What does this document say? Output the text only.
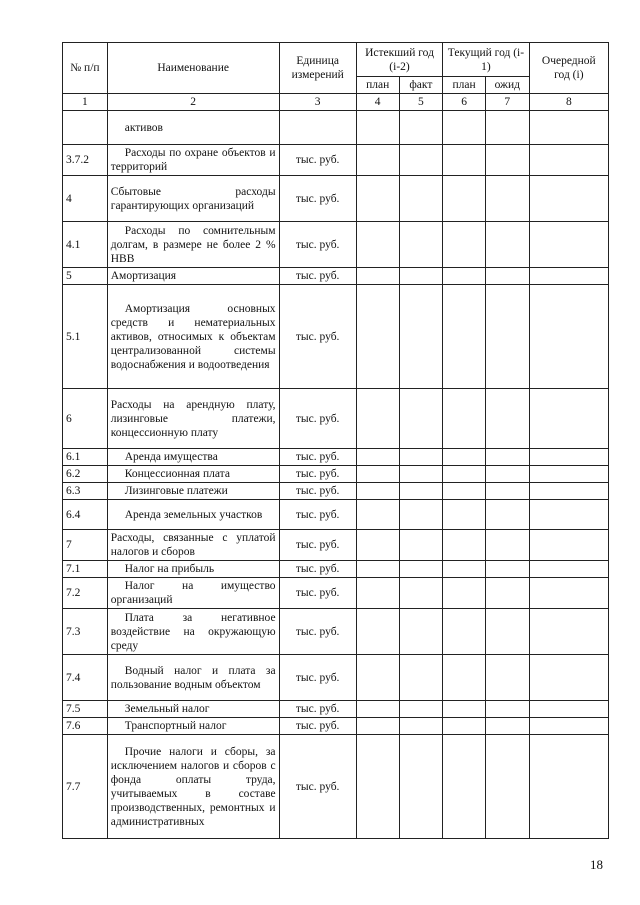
№ п/п	Наименование	Единица измерений	Истекший год (i-2)		Текущий год (i-1)		Очередной год (i)
			план	факт	план	ожид	
1	2	3	4	5	6	7	8
	активов						
3.7.2	Расходы по охране объектов и территорий	тыс. руб.					
4	Сбытовые расходы гарантирующих организаций	тыс. руб.					
4.1	Расходы по сомнительным долгам, в размере не более 2 % НВВ	тыс. руб.					
5	Амортизация	тыс. руб.					
5.1	Амортизация основных средств и нематериальных активов, относимых к объектам централизованной системы водоснабжения и водоотведения	тыс. руб.					
6	Расходы на арендную плату, лизинговые платежи, концессионную плату	тыс. руб.					
6.1	Аренда имущества	тыс. руб.					
6.2	Концессионная плата	тыс. руб.					
6.3	Лизинговые платежи	тыс. руб.					
6.4	Аренда земельных участков	тыс. руб.					
7	Расходы, связанные с уплатой налогов и сборов	тыс. руб.					
7.1	Налог на прибыль	тыс. руб.					
7.2	Налог на имущество организаций	тыс. руб.					
7.3	Плата за негативное воздействие на окружающую среду	тыс. руб.					
7.4	Водный налог и плата за пользование водным объектом	тыс. руб.					
7.5	Земельный налог	тыс. руб.					
7.6	Транспортный налог	тыс. руб.					
7.7	Прочие налоги и сборы, за исключением налогов и сборов с фонда оплаты труда, учитываемых в составе производственных, ремонтных и административных	тыс. руб.					
18
